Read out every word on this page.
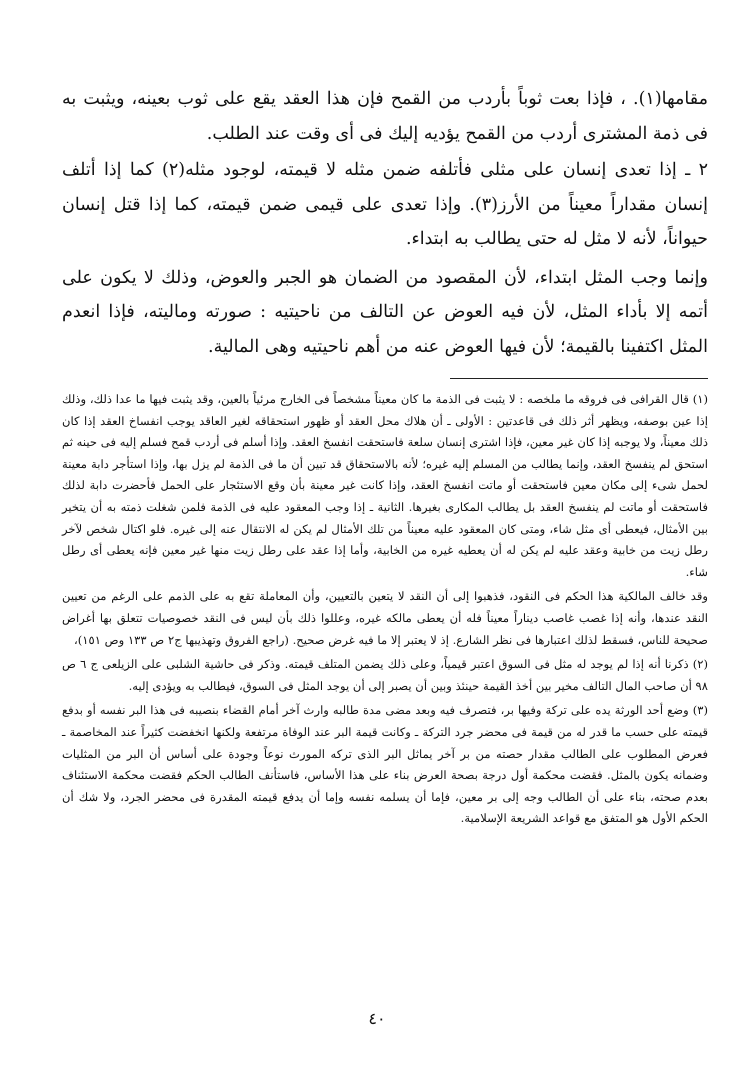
مقامها(١). ، فإذا بعت ثوباً بأردب من القمح فإن هذا العقد يقع على ثوب بعينه، ويثبت به فى ذمة المشترى أردب من القمح يؤديه إليك فى أى وقت عند الطلب.

٢ ـ إذا تعدى إنسان على مثلى فأتلفه ضمن مثله لا قيمته، لوجود مثله(٢) كما إذا أتلف إنسان مقداراً معيناً من الأرز(٣). وإذا تعدى على قيمى ضمن قيمته، كما إذا قتل إنسان حيواناً، لأنه لا مثل له حتى يطالب به ابتداء.

وإنما وجب المثل ابتداء، لأن المقصود من الضمان هو الجبر والعوض، وذلك لا يكون على أتمه إلا بأداء المثل، لأن فيه العوض عن التالف من ناحيتيه : صورته وماليته، فإذا انعدم المثل اكتفينا بالقيمة؛ لأن فيها العوض عنه من أهم ناحيتيه وهى المالية.

(١) قال القرافى فى فروقه ما ملخصه : لا يثبت فى الذمة ما كان معيناً مشخصاً فى الخارج مرئياً بالعين، وقد يثبت فيها ما عدا ذلك، وذلك إذا عين بوصفه، ويظهر أثر ذلك فى قاعدتين : الأولى ـ أن هلاك محل العقد أو ظهور استحقاقه لغير العاقد يوجب انفساخ العقد إذا كان ذلك معيناً، ولا يوجبه إذا كان غير معين، فإذا اشترى إنسان سلعة فاستحقت انفسخ العقد. وإذا أسلم فى أردب قمح فسلم إليه فى حينه ثم استحق لم ينفسخ العقد، وإنما يطالب من المسلم إليه غيره؛ لأنه بالاستحقاق قد تبين أن ما فى الذمة لم يزل بها، وإذا استأجر دابة معينة لحمل شىء إلى مكان معين فاستحقت أو ماتت انفسخ العقد، وإذا كانت غير معينة بأن وقع الاستئجار على الحمل فأحضرت دابة لذلك فاستحقت أو ماتت لم ينفسخ العقد بل يطالب المكارى بغيرها. الثانية ـ إذا وجب المعقود عليه فى الذمة فلمن شغلت ذمته به أن يتخير بين الأمثال، فيعطى أى مثل شاء، ومتى كان المعقود عليه معيناً من تلك الأمثال لم يكن له الانتقال عنه إلى غيره. فلو اكتال شخص لآخر رطل زيت من خابية وعقد عليه لم يكن له أن يعطيه غيره من الخابية، وأما إذا عقد على رطل زيت منها غير معين فإنه يعطى أى رطل شاء.

وقد خالف المالكية هذا الحكم فى النقود، فذهبوا إلى أن النقد لا يتعين بالتعيين، وأن المعاملة تقع به على الذمم على الرغم من تعيين النقد عندها، وأنه إذا غصب غاصب ديناراً معيناً فله أن يعطى مالكه غيره، وعللوا ذلك بأن ليس فى النقد خصوصيات تتعلق بها أغراض صحيحة للناس، فسقط لذلك اعتبارها فى نظر الشارع. إذ لا يعتبر إلا ما فيه غرض صحيح. (راجع الفروق وتهذيبها ج٢ ص ١٣٣ وص ١٥١)،

(٢) ذكرنا أنه إذا لم يوجد له مثل فى السوق اعتبر قيمياً، وعلى ذلك يضمن المتلف قيمته. وذكر فى حاشية الشلبى على الزيلعى ج ٦ ص ٩٨ أن صاحب المال التالف مخير بين أخذ القيمة حينئذ وبين أن يصبر إلى أن يوجد المثل فى السوق، فيطالب به ويؤدى إليه.

(٣) وضع أحد الورثة يده على تركة وفيها بر، فتصرف فيه وبعد مضى مدة طالبه وارث آخر أمام القضاء بنصيبه فى هذا البر نفسه أو بدفع قيمته على حسب ما قدر له من قيمة فى محضر جرد التركة ـ وكانت قيمة البر عند الوفاة مرتفعة ولكنها انخفضت كثيراً عند المخاصمة ـ فعرض المطلوب على الطالب مقدار حصته من بر آخر يماثل البر الذى تركه المورث نوعاً وجودة على أساس أن البر من المثليات وضمانه يكون بالمثل. فقضت محكمة أول درجة بصحة العرض بناء على هذا الأساس، فاستأنف الطالب الحكم فقضت محكمة الاستئناف بعدم صحته، بناء على أن الطالب وجه إلى بر معين، فإما أن يسلمه نفسه وإما أن يدفع قيمته المقدرة فى محضر الجرد، ولا شك أن الحكم الأول هو المتفق مع قواعد الشريعة الإسلامية.

٤٠
